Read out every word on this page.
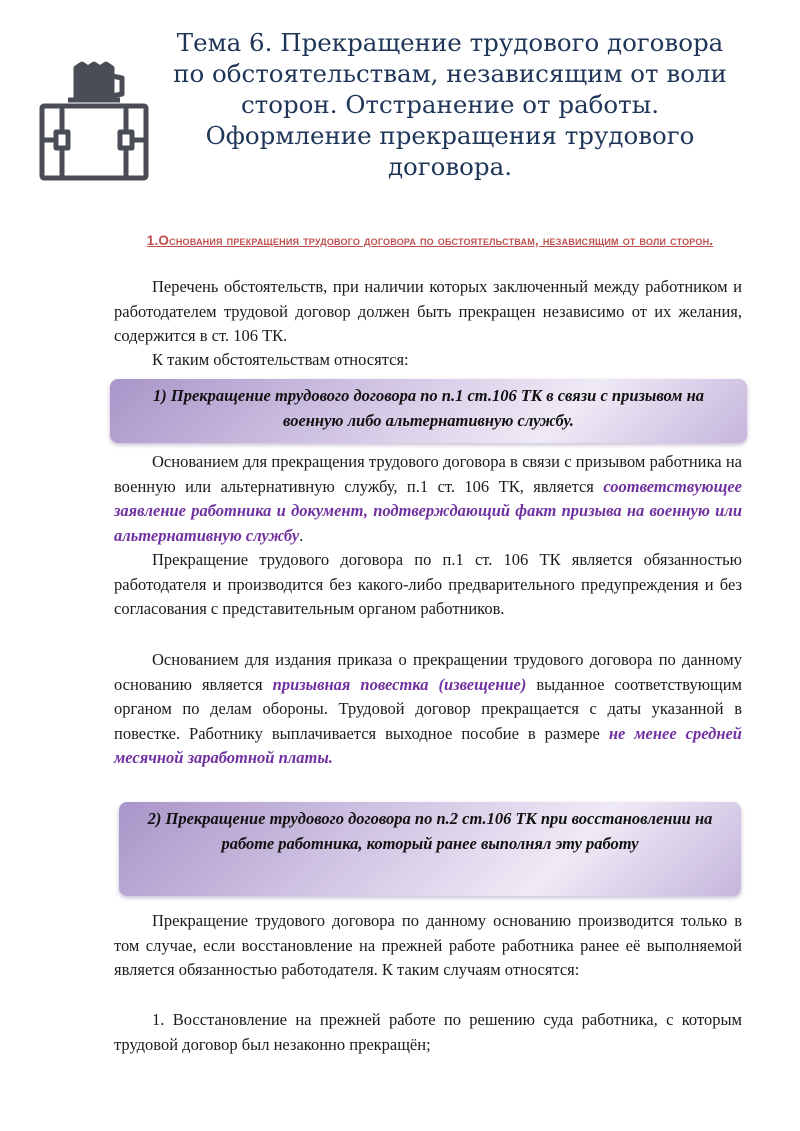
Тема 6. Прекращение трудового договора по обстоятельствам, независящим от воли сторон. Отстранение от работы. Оформление прекращения трудового договора.
1.Основания прекращения трудового договора по обстоятельствам, независящим от воли сторон.
Перечень обстоятельств, при наличии которых заключенный между работником и работодателем трудовой договор должен быть прекращен независимо от их желания, содержится в ст. 106 ТК.
К таким обстоятельствам относятся:
1) Прекращение трудового договора по п.1 ст.106 ТК в связи с призывом на военную либо альтернативную службу.
Основанием для прекращения трудового договора в связи с призывом работника на военную или альтернативную службу, п.1 ст. 106 ТК, является соответствующее заявление работника и документ, подтверждающий факт призыва на военную или альтернативную службу.
Прекращение трудового договора по п.1 ст. 106 ТК является обязанностью работодателя и производится без какого-либо предварительного предупреждения и без согласования с представительным органом работников.
Основанием для издания приказа о прекращении трудового договора по данному основанию является призывная повестка (извещение) выданное соответствующим органом по делам обороны. Трудовой договор прекращается с даты указанной в повестке. Работнику выплачивается выходное пособие в размере не менее средней месячной заработной платы.
2) Прекращение трудового договора по п.2 ст.106 ТК при восстановлении на работе работника, который ранее выполнял эту работу
Прекращение трудового договора по данному основанию производится только в том случае, если восстановление на прежней работе работника ранее её выполняемой является обязанностью работодателя. К таким случаям относятся:
1. Восстановление на прежней работе по решению суда работника, с которым трудовой договор был незаконно прекращён;
